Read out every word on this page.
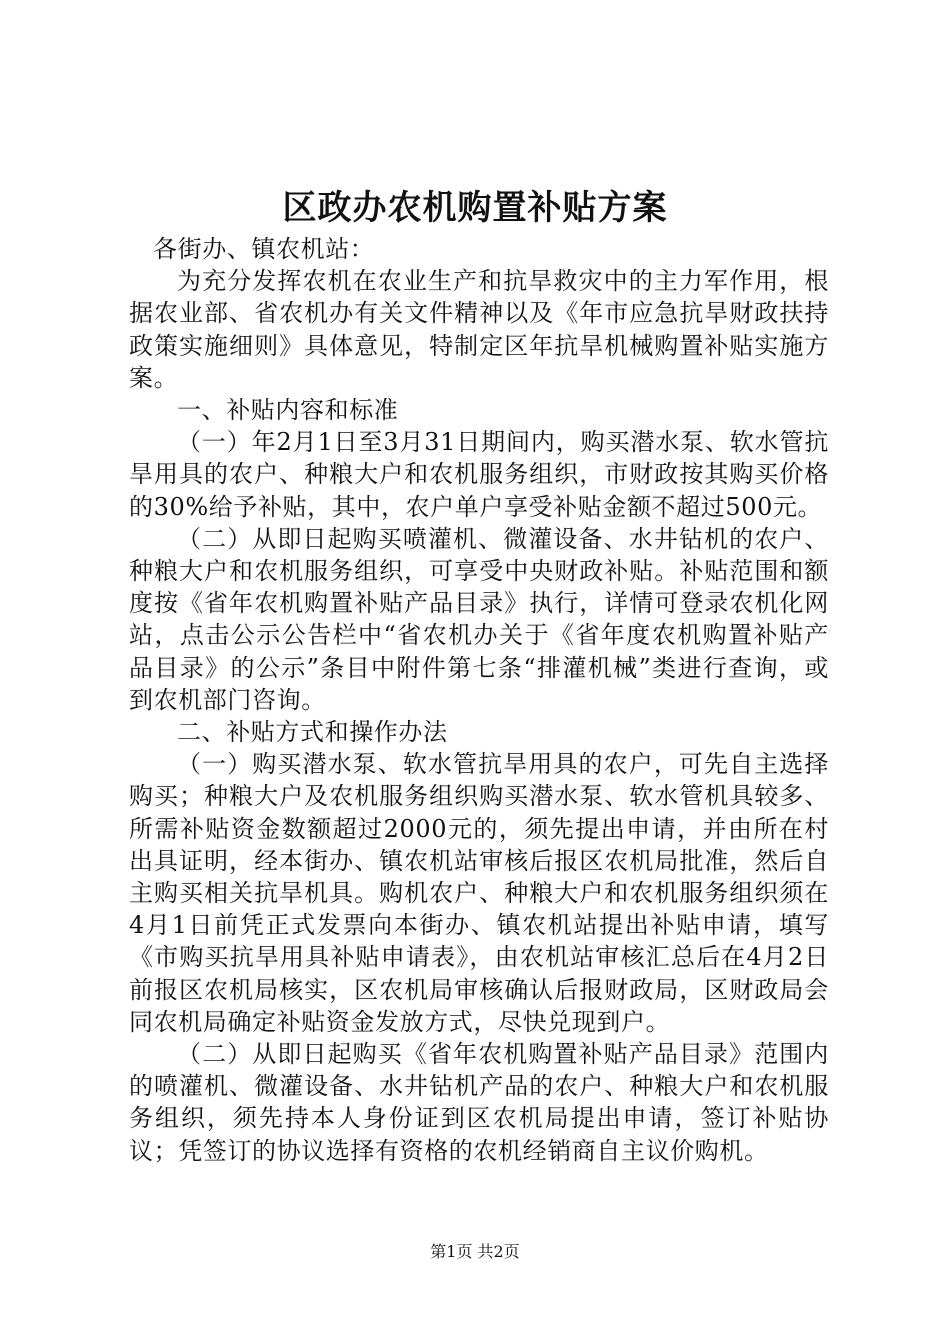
区政办农机购置补贴方案

各街办、镇农机站：

为充分发挥农机在农业生产和抗旱救灾中的主力军作用，根据农业部、省农机办有关文件精神以及《年市应急抗旱财政扶持政策实施细则》具体意见，特制定区年抗旱机械购置补贴实施方案。

一、补贴内容和标准

（一）年2月1日至3月31日期间内，购买潜水泵、软水管抗旱用具的农户、种粮大户和农机服务组织，市财政按其购买价格的30%给予补贴，其中，农户单户享受补贴金额不超过500元。

（二）从即日起购买喷灌机、微灌设备、水井钻机的农户、种粮大户和农机服务组织，可享受中央财政补贴。补贴范围和额度按《省年农机购置补贴产品目录》执行，详情可登录农机化网站，点击公示公告栏中“省农机办关于《省年度农机购置补贴产品目录》的公示”条目中附件第七条“排灌机械”类进行查询，或到农机部门咨询。

二、补贴方式和操作办法

（一）购买潜水泵、软水管抗旱用具的农户，可先自主选择购买；种粮大户及农机服务组织购买潜水泵、软水管机具较多、所需补贴资金数额超过2000元的，须先提出申请，并由所在村出具证明，经本街办、镇农机站审核后报区农机局批准，然后自主购买相关抗旱机具。购机农户、种粮大户和农机服务组织须在4月1日前凭正式发票向本街办、镇农机站提出补贴申请，填写《市购买抗旱用具补贴申请表》，由农机站审核汇总后在4月2日前报区农机局核实，区农机局审核确认后报财政局，区财政局会同农机局确定补贴资金发放方式，尽快兑现到户。

（二）从即日起购买《省年农机购置补贴产品目录》范围内的喷灌机、微灌设备、水井钻机产品的农户、种粮大户和农机服务组织，须先持本人身份证到区农机局提出申请，签订补贴协议；凭签订的协议选择有资格的农机经销商自主议价购机。

第1页 共2页
